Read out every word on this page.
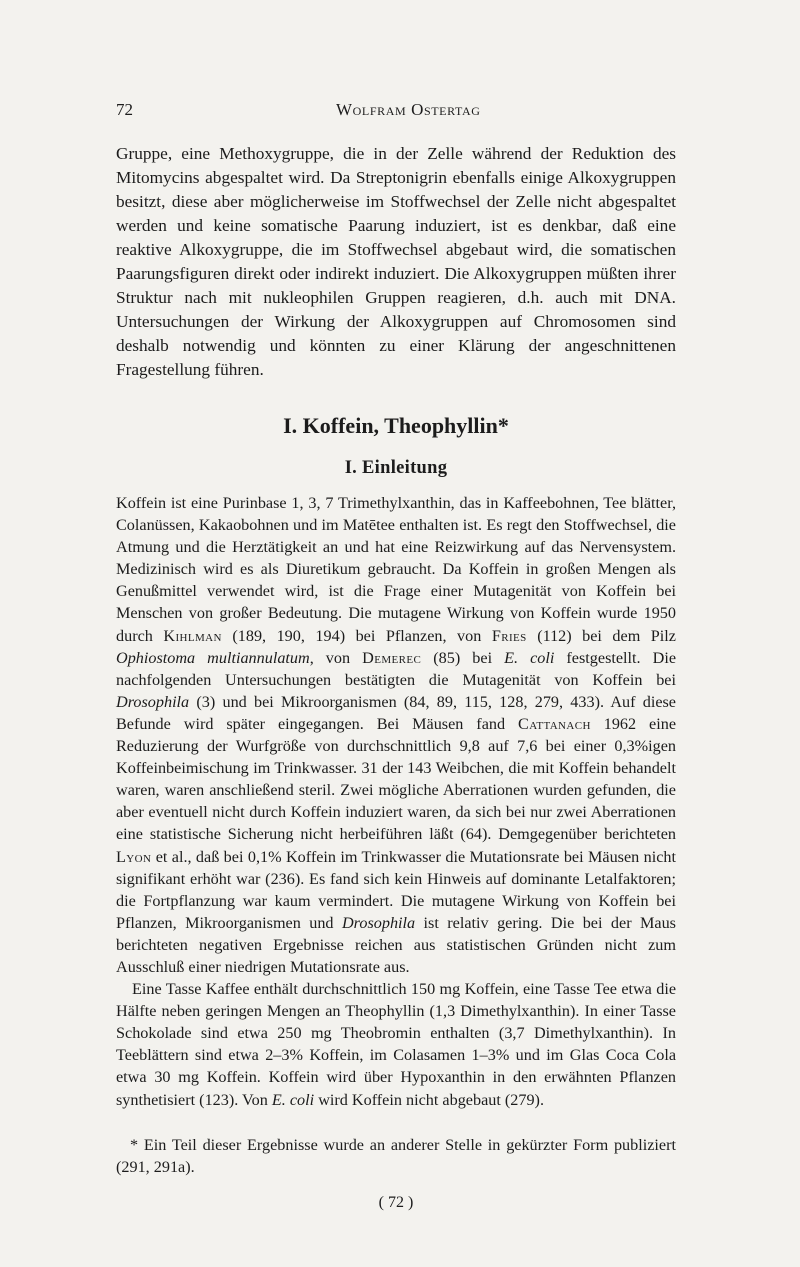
72	Wolfram Ostertag

Gruppe, eine Methoxygruppe, die in der Zelle während der Reduktion des Mitomycins abgespaltet wird. Da Streptonigrin ebenfalls einige Alkoxygruppen besitzt, diese aber möglicherweise im Stoffwechsel der Zelle nicht abgespaltet werden und keine somatische Paarung induziert, ist es denkbar, daß eine reaktive Alkoxygruppe, die im Stoffwechsel abgebaut wird, die somatischen Paarungsfiguren direkt oder indirekt induziert. Die Alkoxygruppen müßten ihrer Struktur nach mit nukleophilen Gruppen reagieren, d.h. auch mit DNA. Untersuchungen der Wirkung der Alkoxygruppen auf Chromosomen sind deshalb notwendig und könnten zu einer Klärung der angeschnittenen Fragestellung führen.

I. Koffein, Theophyllin*
I. Einleitung

Koffein ist eine Purinbase 1, 3, 7 Trimethylxanthin, das in Kaffeebohnen, Tee blätter, Colanüssen, Kakaobohnen und im Matētee enthalten ist. Es regt den Stoffwechsel, die Atmung und die Herztätigkeit an und hat eine Reizwirkung auf das Nervensystem. Medizinisch wird es als Diuretikum gebraucht. Da Koffein in großen Mengen als Genußmittel verwendet wird, ist die Frage einer Mutagenität von Koffein bei Menschen von großer Bedeutung. Die mutagene Wirkung von Koffein wurde 1950 durch Kihlman (189, 190, 194) bei Pflanzen, von Fries (112) bei dem Pilz Ophiostoma multiannulatum, von Demerec (85) bei E. coli festgestellt. Die nachfolgenden Untersuchungen bestätigten die Mutagenität von Koffein bei Drosophila (3) und bei Mikroorganismen (84, 89, 115, 128, 279, 433). Auf diese Befunde wird später eingegangen. Bei Mäusen fand Cattanach 1962 eine Reduzierung der Wurfgröße von durchschnittlich 9,8 auf 7,6 bei einer 0,3%igen Koffeinbeimischung im Trinkwasser. 31 der 143 Weibchen, die mit Koffein behandelt waren, waren anschließend steril. Zwei mögliche Aberrationen wurden gefunden, die aber eventuell nicht durch Koffein induziert waren, da sich bei nur zwei Aberrationen eine statistische Sicherung nicht herbeiführen läßt (64). Demgegenüber berichteten Lyon et al., daß bei 0,1% Koffein im Trinkwasser die Mutationsrate bei Mäusen nicht signifikant erhöht war (236). Es fand sich kein Hinweis auf dominante Letalfaktoren; die Fortpflanzung war kaum vermindert. Die mutagene Wirkung von Koffein bei Pflanzen, Mikroorganismen und Drosophila ist relativ gering. Die bei der Maus berichteten negativen Ergebnisse reichen aus statistischen Gründen nicht zum Ausschluß einer niedrigen Mutationsrate aus.

Eine Tasse Kaffee enthält durchschnittlich 150 mg Koffein, eine Tasse Tee etwa die Hälfte neben geringen Mengen an Theophyllin (1,3 Dimethylxanthin). In einer Tasse Schokolade sind etwa 250 mg Theobromin enthalten (3,7 Dimethylxanthin). In Teeblättern sind etwa 2–3% Koffein, im Colasamen 1–3% und im Glas Coca Cola etwa 30 mg Koffein. Koffein wird über Hypoxanthin in den erwähnten Pflanzen synthetisiert (123). Von E. coli wird Koffein nicht abgebaut (279).

* Ein Teil dieser Ergebnisse wurde an anderer Stelle in gekürzter Form publiziert (291, 291a).

( 72 )
